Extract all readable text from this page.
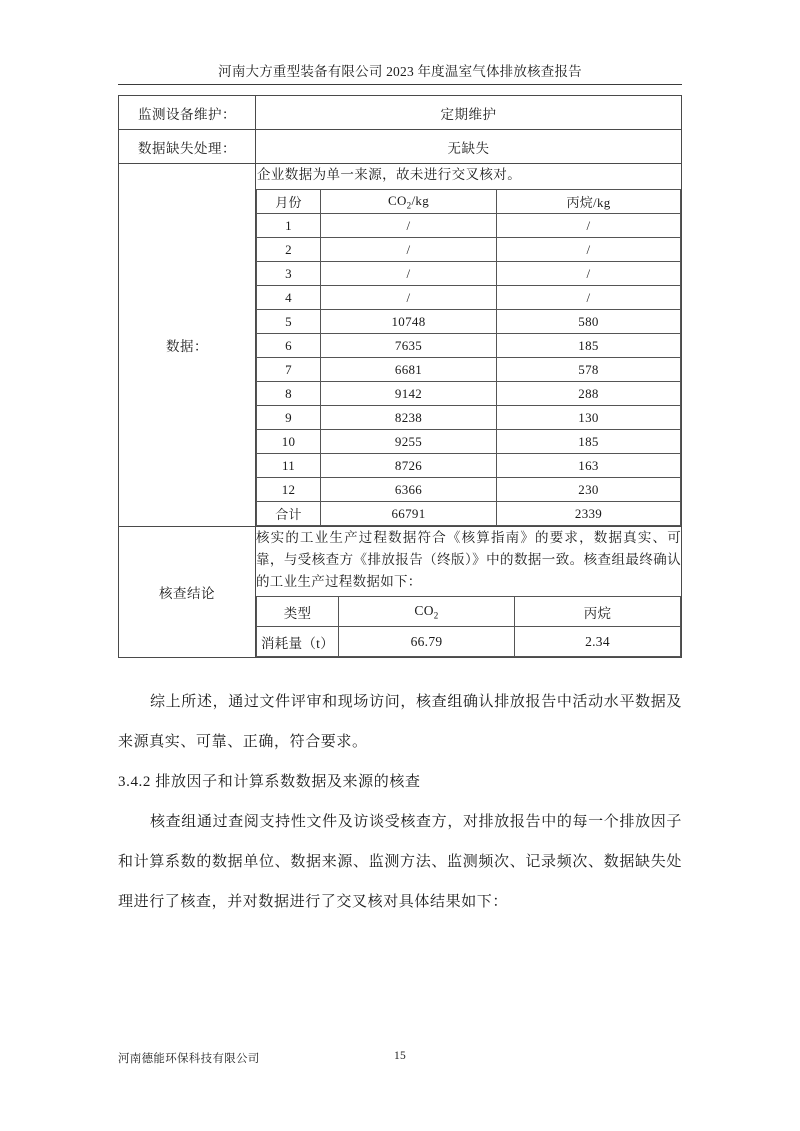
河南大方重型装备有限公司 2023 年度温室气体排放核查报告
监测设备维护：	定期维护
数据缺失处理：	无缺失
数据：	
企业数据为单一来源，故未进行交叉核对。
月份	$CO_2/kg$	丙烷/kg
1	/	/
2	/	/
3	/	/
4	/	/
5	10748	580
6	7635	185
7	6681	578
8	9142	288
9	8238	130
10	9255	185
11	8726	163
12	6366	230
合计	66791	2339

核查结论	

核实的工业生产过程数据符合《核算指南》的要求，数据真实、可靠，与受核查方《排放报告（终版）》中的数据一致。核查组最终确认的工业生产过程数据如下：

类型	$CO_2$	丙烷
消耗量（t）	66.79	2.34

综上所述，通过文件评审和现场访问，核查组确认排放报告中活动水平数据及来源真实、可靠、正确，符合要求。

3.4.2 排放因子和计算系数数据及来源的核查

核查组通过查阅支持性文件及访谈受核查方，对排放报告中的每一个排放因子和计算系数的数据单位、数据来源、监测方法、监测频次、记录频次、数据缺失处理进行了核查，并对数据进行了交叉核对具体结果如下：

河南德能环保科技有限公司	15
